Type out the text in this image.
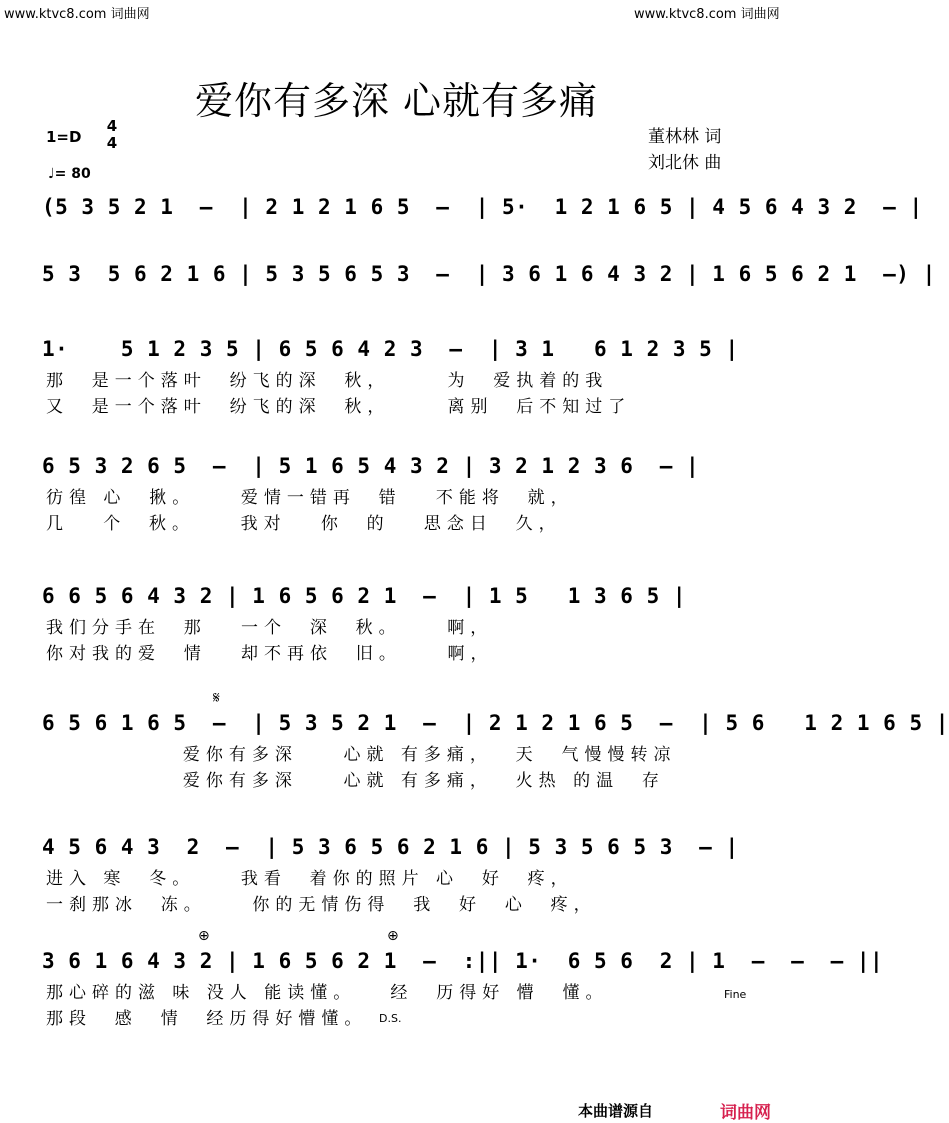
www.ktvc8.com 词曲网	www.ktvc8.com 词曲网
爱你有多深 心就有多痛
1=D
4
4
♩= 80
董林林 词
刘北休 曲
(5 3 5 2 1  –  | 2 1 2 1 6 5  –  | 5·  1 2 1 6 5 | 4 5 6 4 3 2  – |
5 3  5 6 2 1 6 | 5 3 5 6 5 3  –  | 3 6 1 6 4 3 2 | 1 6 5 6 2 1  –) |
1·    5 1 2 3 5 | 6 5 6 4 2 3  –  | 3 1   6 1 2 3 5 |
那  是一个落叶  纷飞的深  秋，     为  爱执着的我
又  是一个落叶  纷飞的深  秋，     离别  后不知过了
6 5 3 2 6 5  –  | 5 1 6 5 4 3 2 | 3 2 1 2 3 6  – |
彷徨 心  揪。    爱情一错再  错   不能将  就，
几   个  秋。    我对   你  的   思念日  久，
6 6 5 6 4 3 2 | 1 6 5 6 2 1  –  | 1 5   1 3 6 5 |
我们分手在  那   一个  深  秋。    啊，
你对我的爱  情   却不再依  旧。    啊，
6 5 6 1 6 5  –  | 5 3 5 2 1  –  | 2 1 2 1 6 5  –  | 5 6   1 2 1 6 5 |
爱你有多深    心就 有多痛，  天  气慢慢转凉
爱你有多深    心就 有多痛，  火热 的温  存
4 5 6 4 3  2  –  | 5 3 6 5 6 2 1 6 | 5 3 5 6 5 3  – |
进入 寒  冬。    我看  着你的照片 心  好  疼，
一刹那冰  冻。    你的无情伤得  我  好  心  疼，
3 6 1 6 4 3 2 | 1 6 5 6 2 1  –  :|| 1·  6 5 6  2 | 1  –  –  – ||
那心碎的滋 味 没人 能读懂。   经  历得好 懵  懂。
那段  感  情  经历得好懵懂。
𝄋
⊕	⊕
Fine
D.S.
本曲谱源自	词曲网
